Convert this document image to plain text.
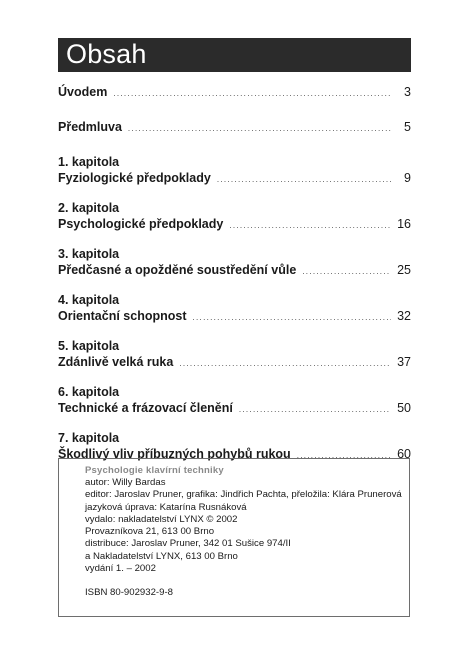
Obsah
Úvodem .....	3
Předmluva .....	5
1. kapitola
Fyziologické předpoklady .....	9
2. kapitola
Psychologické předpoklady .....	16
3. kapitola
Předčasné a opožděné soustředění vůle .....	25
4. kapitola
Orientační schopnost .....	32
5. kapitola
Zdánlivě velká ruka .....	37
6. kapitola
Technické a frázovací členění .....	50
7. kapitola
Škodlivý vliv příbuzných pohybů rukou .....	60
Psychologie klavírní techniky
autor: Willy Bardas
editor: Jaroslav Pruner, grafika: Jindřich Pachta, přeložila: Klára Prunerová
jazyková úprava: Katarína Rusnáková
vydalo: nakladatelství LYNX © 2002
Provazníkova 21, 613 00 Brno
distribuce: Jaroslav Pruner, 342 01 Sušice 974/II
a Nakladatelství LYNX, 613 00 Brno
vydání 1. – 2002
ISBN 80-902932-9-8
